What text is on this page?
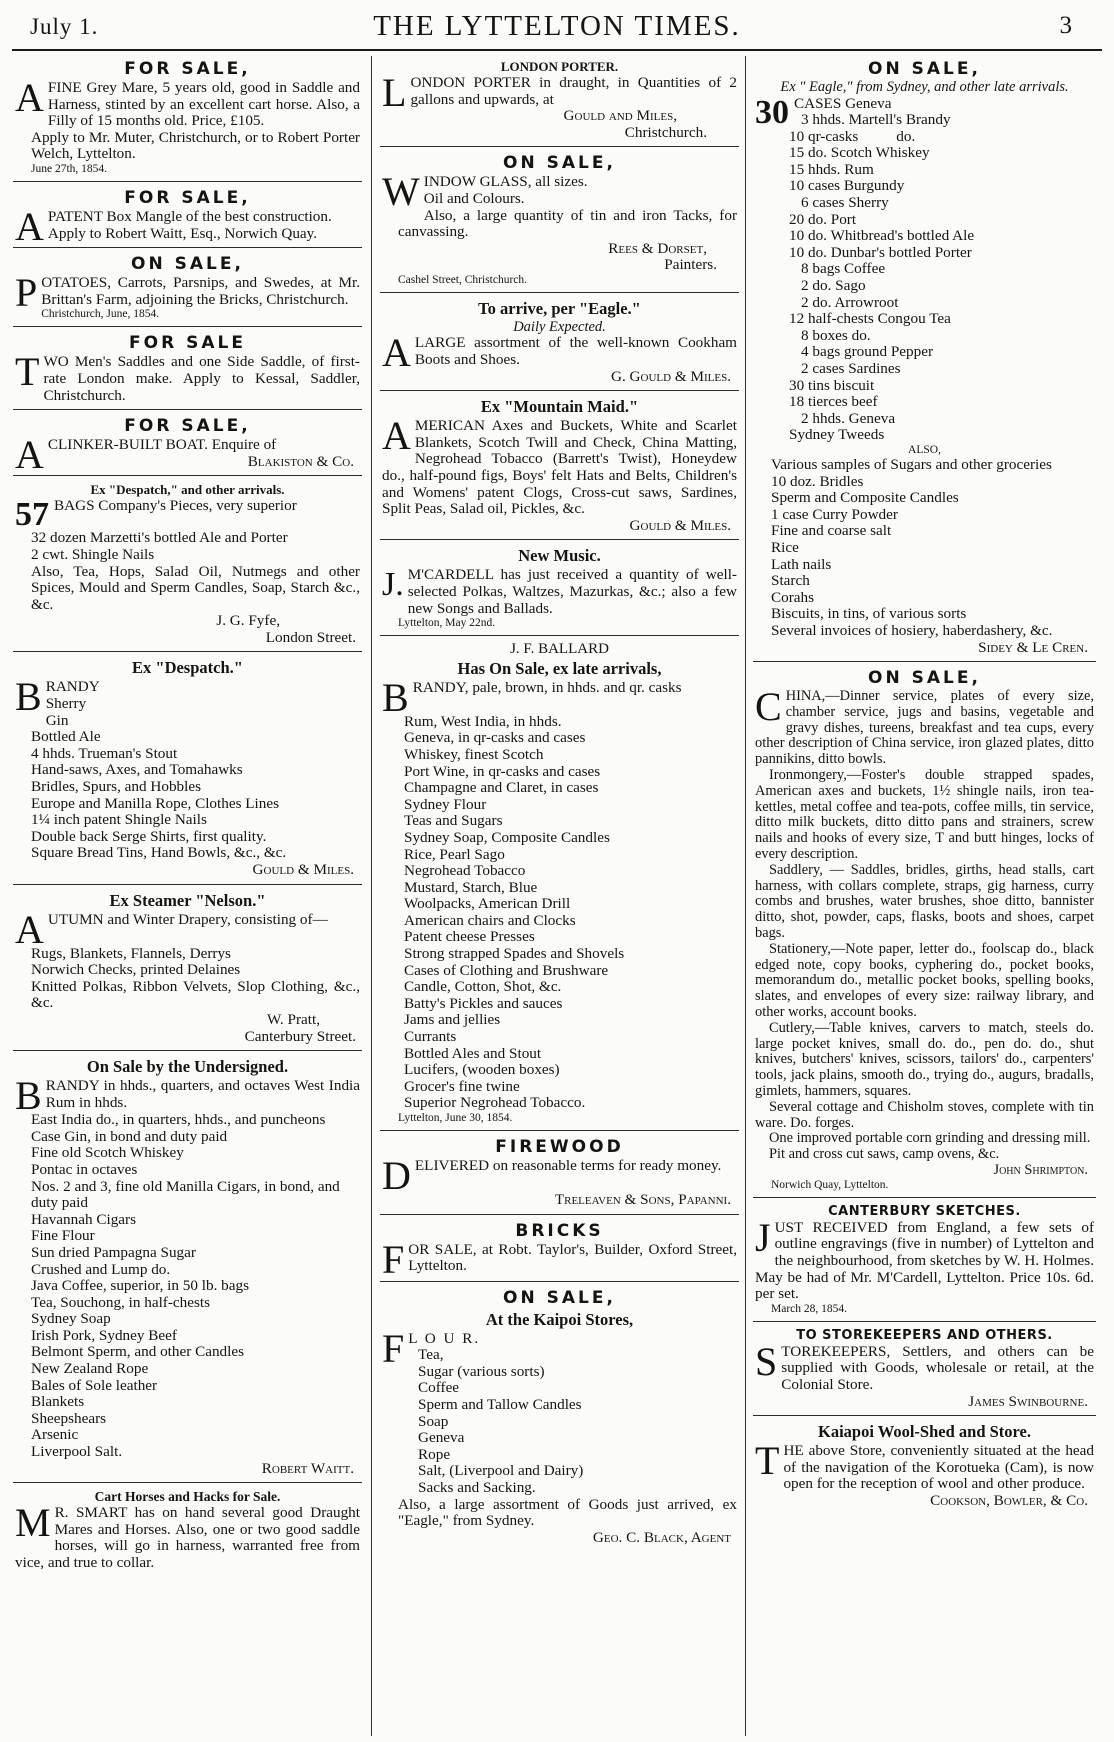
July 1.	THE LYTTELTON TIMES.	3
FOR SALE,
AFINE Grey Mare, 5 years old, good in Saddle and Harness, stinted by an excellent cart horse. Also, a Filly of 15 months old. Price, £105.
Apply to Mr. Muter, Christchurch, or to Robert Porter Welch, Lyttelton.
June 27th, 1854.
FOR SALE,
APATENT Box Mangle of the best construction.
Apply to Robert Waitt, Esq., Norwich Quay.
ON SALE,
POTATOES, Carrots, Parsnips, and Swedes, at Mr. Brittan's Farm, adjoining the Bricks, Christchurch.
Christchurch, June, 1854.
FOR SALE
TWO Men's Saddles and one Side Saddle, of first-rate London make. Apply to Kessal, Saddler, Christchurch.
FOR SALE,
ACLINKER-BUILT BOAT. Enquire of
Blakiston & Co.
Ex "Despatch," and other arrivals.
57 BAGS Company's Pieces, very superior
32 dozen Marzetti's bottled Ale and Porter
2 cwt. Shingle Nails
Also, Tea, Hops, Salad Oil, Nutmegs and other Spices, Mould and Sperm Candles, Soap, Starch &c., &c.
J. G. Fyfe,
London Street.
Ex "Despatch."
BRANDY
Sherry
Gin
Bottled Ale
4 hhds. Trueman's Stout
Hand-saws, Axes, and Tomahawks
Bridles, Spurs, and Hobbles
Europe and Manilla Rope, Clothes Lines
1¼ inch patent Shingle Nails
Double back Serge Shirts, first quality.
Square Bread Tins, Hand Bowls, &c., &c.
Gould & Miles.
Ex Steamer "Nelson."
AUTUMN and Winter Drapery, consisting of—
Rugs, Blankets, Flannels, Derrys
Norwich Checks, printed Delaines
Knitted Polkas, Ribbon Velvets, Slop Clothing, &c., &c.
W. Pratt,
Canterbury Street.
On Sale by the Undersigned.
BRANDY in hhds., quarters, and octaves West India Rum in hhds.
East India do., in quarters, hhds., and puncheons
Case Gin, in bond and duty paid
Fine old Scotch Whiskey
Pontac in octaves
Nos. 2 and 3, fine old Manilla Cigars, in bond, and duty paid
Havannah Cigars
Fine Flour
Sun dried Pampagna Sugar
Crushed and Lump do.
Java Coffee, superior, in 50 lb. bags
Tea, Souchong, in half-chests
Sydney Soap
Irish Pork, Sydney Beef
Belmont Sperm, and other Candles
New Zealand Rope
Bales of Sole leather
Blankets
Sheepshears
Arsenic
Liverpool Salt.
Robert Waitt.
Cart Horses and Hacks for Sale.
M R. SMART has on hand several good Draught Mares and Horses. Also, one or two good saddle horses, will go in harness, warranted free from vice, and true to collar.
LONDON PORTER.
LONDON PORTER in draught, in Quantities of 2 gallons and upwards, at
Gould and Miles,
Christchurch.
ON SALE,
WINDOW GLASS, all sizes.
Oil and Colours.
Also, a large quantity of tin and iron Tacks, for canvassing.
Rees & Dorset,
Painters.
Cashel Street, Christchurch.
To arrive, per "Eagle."
Daily Expected.
ALARGE assortment of the well-known Cookham Boots and Shoes.
G. Gould & Miles.
Ex "Mountain Maid."
AMERICAN Axes and Buckets, White and Scarlet Blankets, Scotch Twill and Check, China Matting, Negrohead Tobacco (Barrett's Twist), Honeydew do., half-pound figs, Boys' felt Hats and Belts, Children's and Womens' patent Clogs, Cross-cut saws, Sardines, Split Peas, Salad oil, Pickles, &c.
Gould & Miles.
New Music.
J. M'CARDELL has just received a quantity of well-selected Polkas, Waltzes, Mazurkas, &c.; also a few new Songs and Ballads.
Lyttelton, May 22nd.
J. F. BALLARD
Has On Sale, ex late arrivals,
BRANDY, pale, brown, in hhds. and qr. casks
Rum, West India, in hhds.
Geneva, in qr-casks and cases
Whiskey, finest Scotch
Port Wine, in qr-casks and cases
Champagne and Claret, in cases
Sydney Flour
Teas and Sugars
Sydney Soap, Composite Candles
Rice, Pearl Sago
Negrohead Tobacco
Mustard, Starch, Blue
Woolpacks, American Drill
American chairs and Clocks
Patent cheese Presses
Strong strapped Spades and Shovels
Cases of Clothing and Brushware
Candle, Cotton, Shot, &c.
Batty's Pickles and sauces
Jams and jellies
Currants
Bottled Ales and Stout
Lucifers, (wooden boxes)
Grocer's fine twine
Superior Negrohead Tobacco.
Lyttelton, June 30, 1854.
FIREWOOD
DELIVERED on reasonable terms for ready money.
Treleaven & Sons, Papanni.
BRICKS
FOR SALE, at Robt. Taylor's, Builder, Oxford Street, Lyttelton.
ON SALE,
At the Kaipoi Stores,
F L O U R.
Tea,
Sugar (various sorts)
Coffee
Sperm and Tallow Candles
Soap
Geneva
Rope
Salt, (Liverpool and Dairy)
Sacks and Sacking.
Also, a large assortment of Goods just arrived, ex "Eagle," from Sydney.
Geo. C. Black, Agent
ON SALE,
Ex " Eagle," from Sydney, and other late arrivals.
30 CASES Geneva
3 hhds. Martell's Brandy
10 qr-casks          do.
15 do. Scotch Whiskey
15 hhds. Rum
10 cases Burgundy
6 cases Sherry
20 do. Port
10 do. Whitbread's bottled Ale
10 do. Dunbar's bottled Porter
8 bags Coffee
2 do. Sago
2 do. Arrowroot
12 half-chests Congou Tea
8 boxes do.
4 bags ground Pepper
2 cases Sardines
30 tins biscuit
18 tierces beef
2 hhds. Geneva
Sydney Tweeds
ALSO,
Various samples of Sugars and other groceries
10 doz. Bridles
Sperm and Composite Candles
1 case Curry Powder
Fine and coarse salt
Rice
Lath nails
Starch
Corahs
Biscuits, in tins, of various sorts
Several invoices of hosiery, haberdashery, &c.
Sidey & Le Cren.
ON SALE,
CHINA,—Dinner service, plates of every size, chamber service, jugs and basins, vegetable and gravy dishes, tureens, breakfast and tea cups, every other description of China service, iron glazed plates, ditto pannikins, ditto bowls.
Ironmongery,—Foster's double strapped spades, American axes and buckets, 1½ shingle nails, iron tea-kettles, metal coffee and tea-pots, coffee mills, tin service, ditto milk buckets, ditto ditto pans and strainers, screw nails and hooks of every size, T and butt hinges, locks of every description.
Saddlery, — Saddles, bridles, girths, head stalls, cart harness, with collars complete, straps, gig harness, curry combs and brushes, water brushes, shoe ditto, bannister ditto, shot, powder, caps, flasks, boots and shoes, carpet bags.
Stationery,—Note paper, letter do., foolscap do., black edged note, copy books, cyphering do., pocket books, memorandum do., metallic pocket books, spelling books, slates, and envelopes of every size: railway library, and other works, account books.
Cutlery,—Table knives, carvers to match, steels do. large pocket knives, small do. do., pen do. do., shut knives, butchers' knives, scissors, tailors' do., carpenters' tools, jack plains, smooth do., trying do., augurs, bradalls, gimlets, hammers, squares.
Several cottage and Chisholm stoves, complete with tin ware. Do. forges.
One improved portable corn grinding and dressing mill.
Pit and cross cut saws, camp ovens, &c.
John Shrimpton.
Norwich Quay, Lyttelton.
CANTERBURY SKETCHES.
JUST RECEIVED from England, a few sets of outline engravings (five in number) of Lyttelton and the neighbourhood, from sketches by W. H. Holmes. May be had of Mr. M'Cardell, Lyttelton. Price 10s. 6d. per set.
March 28, 1854.
TO STOREKEEPERS AND OTHERS.
STOREKEEPERS, Settlers, and others can be supplied with Goods, wholesale or retail, at the Colonial Store.
James Swinbourne.
Kaiapoi Wool-Shed and Store.
THE above Store, conveniently situated at the head of the navigation of the Korotueka (Cam), is now open for the reception of wool and other produce.
Cookson, Bowler, & Co.
